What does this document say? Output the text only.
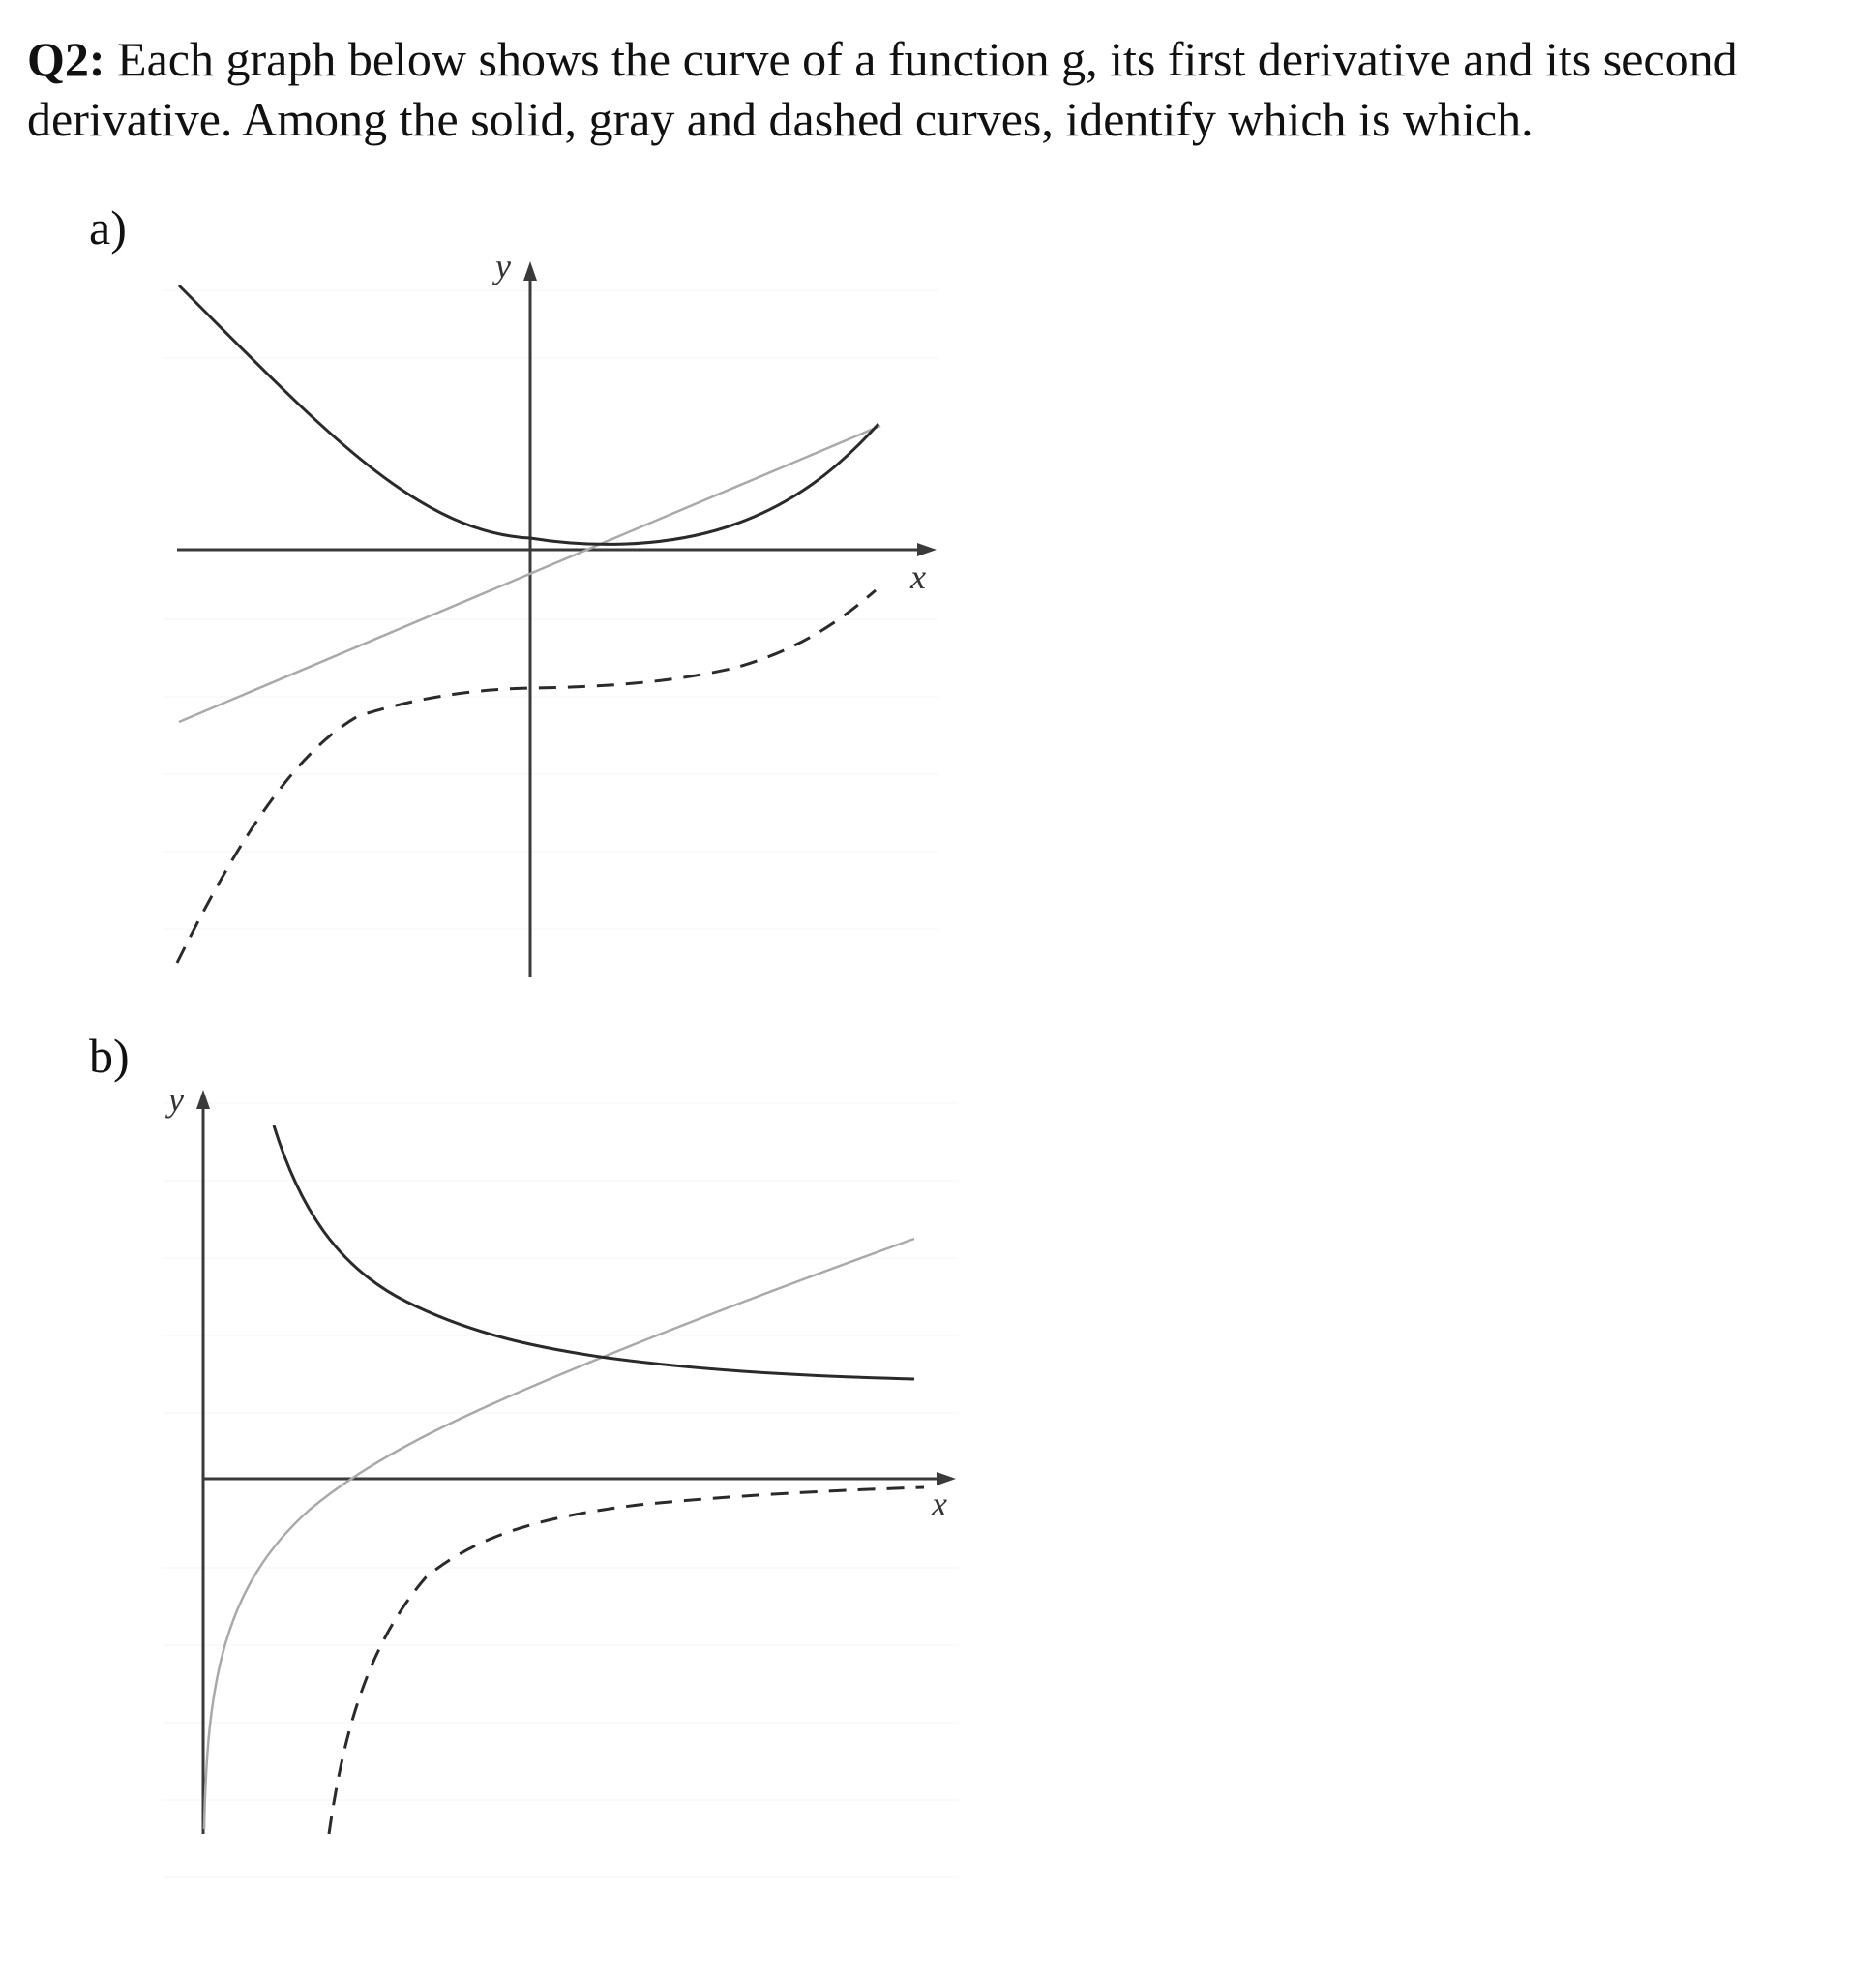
Q2: Each graph below shows the curve of a function g, its first derivative and its second derivative. Among the solid, gray and dashed curves, identify which is which.
a)
b)
y
x
y
x
